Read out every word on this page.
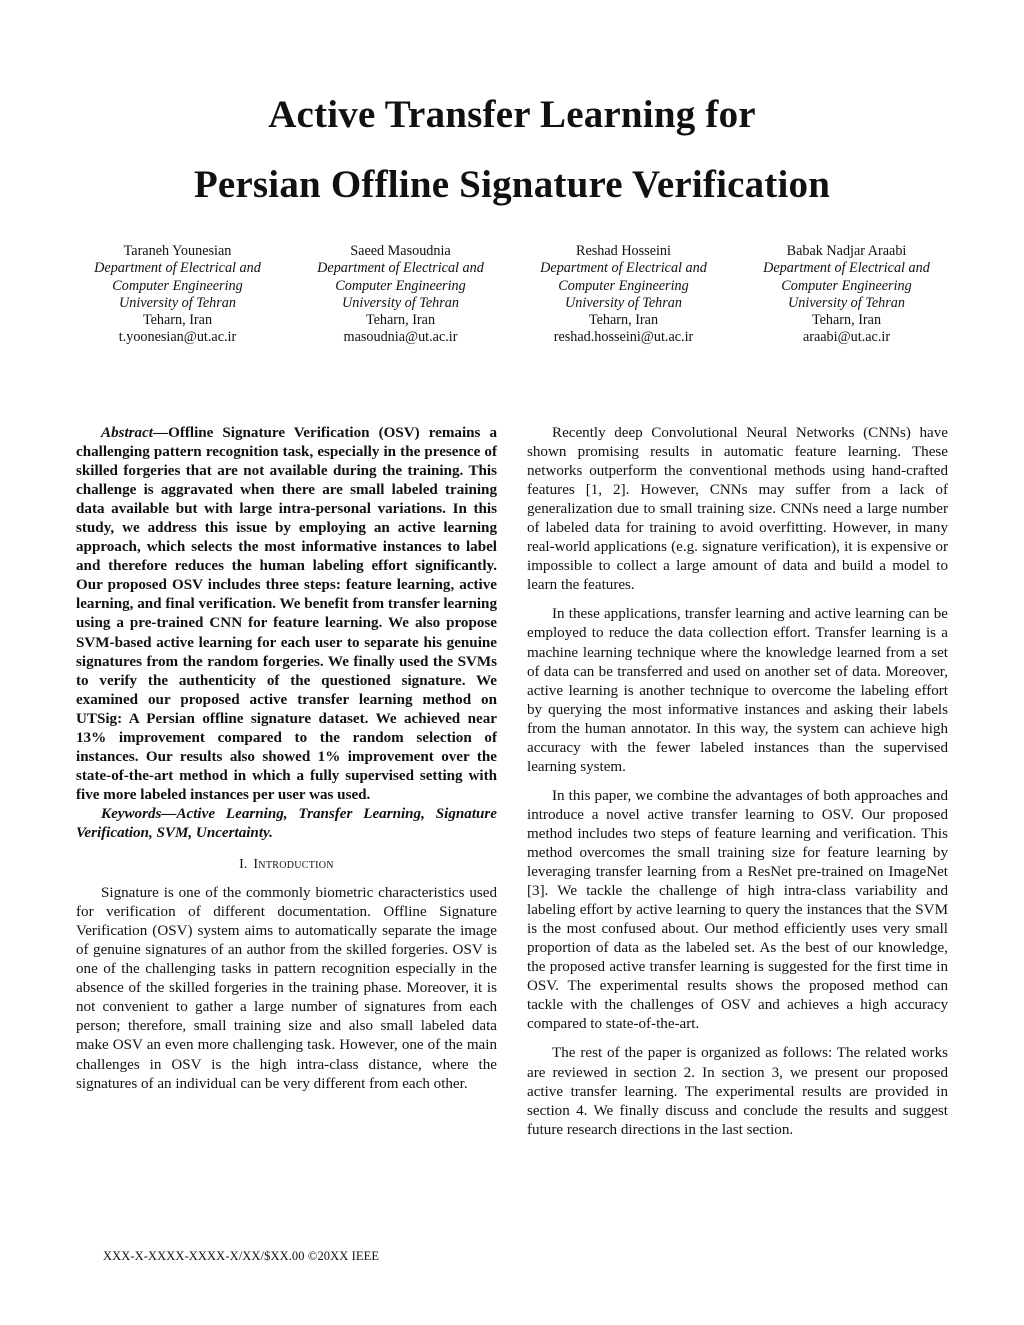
Active Transfer Learning for
Persian Offline Signature Verification
Taraneh Younesian
Department of Electrical and
Computer Engineering
University of Tehran
Teharn, Iran
t.yoonesian@ut.ac.ir
Saeed Masoudnia
Department of Electrical and
Computer Engineering
University of Tehran
Teharn, Iran
masoudnia@ut.ac.ir
Reshad Hosseini
Department of Electrical and
Computer Engineering
University of Tehran
Teharn, Iran
reshad.hosseini@ut.ac.ir
Babak Nadjar Araabi
Department of Electrical and
Computer Engineering
University of Tehran
Teharn, Iran
araabi@ut.ac.ir

Abstract—Offline Signature Verification (OSV) remains a challenging pattern recognition task, especially in the presence of skilled forgeries that are not available during the training. This challenge is aggravated when there are small labeled training data available but with large intra-personal variations. In this study, we address this issue by employing an active learning approach, which selects the most informative instances to label and therefore reduces the human labeling effort significantly. Our proposed OSV includes three steps: feature learning, active learning, and final verification. We benefit from transfer learning using a pre-trained CNN for feature learning. We also propose SVM-based active learning for each user to separate his genuine signatures from the random forgeries. We finally used the SVMs to verify the authenticity of the questioned signature. We examined our proposed active transfer learning method on UTSig: A Persian offline signature dataset. We achieved near 13% improvement compared to the random selection of instances. Our results also showed 1% improvement over the state-of-the-art method in which a fully supervised setting with five more labeled instances per user was used.

Keywords—Active Learning, Transfer Learning, Signature Verification, SVM, Uncertainty.

I. Introduction

Signature is one of the commonly biometric characteristics used for verification of different documentation. Offline Signature Verification (OSV) system aims to automatically separate the image of genuine signatures of an author from the skilled forgeries. OSV is one of the challenging tasks in pattern recognition especially in the absence of the skilled forgeries in the training phase. Moreover, it is not convenient to gather a large number of signatures from each person; therefore, small training size and also small labeled data make OSV an even more challenging task. However, one of the main challenges in OSV is the high intra-class distance, where the signatures of an individual can be very different from each other.

Recently deep Convolutional Neural Networks (CNNs) have shown promising results in automatic feature learning. These networks outperform the conventional methods using hand-crafted features [1, 2]. However, CNNs may suffer from a lack of generalization due to small training size. CNNs need a large number of labeled data for training to avoid overfitting. However, in many real-world applications (e.g. signature verification), it is expensive or impossible to collect a large amount of data and build a model to learn the features.

In these applications, transfer learning and active learning can be employed to reduce the data collection effort. Transfer learning is a machine learning technique where the knowledge learned from a set of data can be transferred and used on another set of data. Moreover, active learning is another technique to overcome the labeling effort by querying the most informative instances and asking their labels from the human annotator. In this way, the system can achieve high accuracy with the fewer labeled instances than the supervised learning system.

In this paper, we combine the advantages of both approaches and introduce a novel active transfer learning to OSV. Our proposed method includes two steps of feature learning and verification. This method overcomes the small training size for feature learning by leveraging transfer learning from a ResNet pre-trained on ImageNet [3]. We tackle the challenge of high intra-class variability and labeling effort by active learning to query the instances that the SVM is the most confused about. Our method efficiently uses very small proportion of data as the labeled set. As the best of our knowledge, the proposed active transfer learning is suggested for the first time in OSV. The experimental results shows the proposed method can tackle with the challenges of OSV and achieves a high accuracy compared to state-of-the-art.

The rest of the paper is organized as follows: The related works are reviewed in section 2. In section 3, we present our proposed active transfer learning. The experimental results are provided in section 4. We finally discuss and conclude the results and suggest future research directions in the last section.

XXX-X-XXXX-XXXX-X/XX/$XX.00 ©20XX IEEE
